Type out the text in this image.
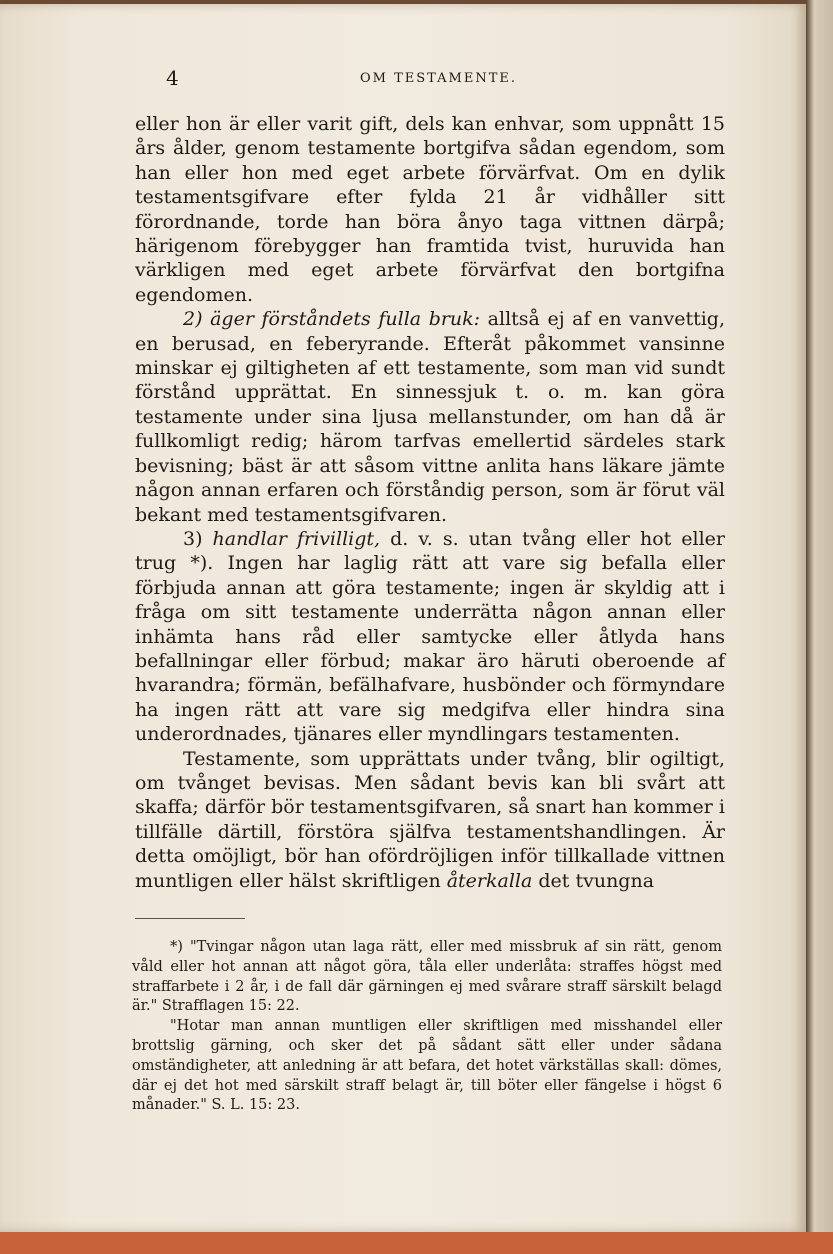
4	OM TESTAMENTE.

eller hon är eller varit gift, dels kan enhvar, som uppnått 15 års ålder, genom testamente bortgifva sådan egendom, som han eller hon med eget arbete förvärfvat. Om en dylik testamentsgifvare efter fylda 21 år vidhåller sitt förordnande, torde han böra ånyo taga vittnen därpå; härigenom förebygger han framtida tvist, huruvida han värkligen med eget arbete förvärfvat den bortgifna egendomen.

2) äger förståndets fulla bruk: alltså ej af en vanvettig, en berusad, en feberyrande. Efteråt påkommet vansinne minskar ej giltigheten af ett testamente, som man vid sundt förstånd upprättat. En sinnessjuk t. o. m. kan göra testamente under sina ljusa mellanstunder, om han då är fullkomligt redig; härom tarfvas emellertid särdeles stark bevisning; bäst är att såsom vittne anlita hans läkare jämte någon annan erfaren och förståndig person, som är förut väl bekant med testamentsgifvaren.

3) handlar frivilligt, d. v. s. utan tvång eller hot eller trug *). Ingen har laglig rätt att vare sig befalla eller förbjuda annan att göra testamente; ingen är skyldig att i fråga om sitt testamente underrätta någon annan eller inhämta hans råd eller samtycke eller åtlyda hans befallningar eller förbud; makar äro häruti oberoende af hvarandra; förmän, befälhafvare, husbönder och förmyndare ha ingen rätt att vare sig medgifva eller hindra sina underordnades, tjänares eller myndlingars testamenten.

Testamente, som upprättats under tvång, blir ogiltigt, om tvånget bevisas. Men sådant bevis kan bli svårt att skaffa; därför bör testamentsgifvaren, så snart han kommer i tillfälle därtill, förstöra själfva testamentshandlingen. Är detta omöjligt, bör han ofördröjligen inför tillkallade vittnen muntligen eller hälst skriftligen återkalla det tvungna

*) "Tvingar någon utan laga rätt, eller med missbruk af sin rätt, genom våld eller hot annan att något göra, tåla eller underlåta: straffes högst med straffarbete i 2 år, i de fall där gärningen ej med svårare straff särskilt belagd är." Strafflagen 15: 22.

"Hotar man annan muntligen eller skriftligen med misshandel eller brottslig gärning, och sker det på sådant sätt eller under sådana omständigheter, att anledning är att befara, det hotet värkställas skall: dömes, där ej det hot med särskilt straff belagt är, till böter eller fängelse i högst 6 månader." S. L. 15: 23.
